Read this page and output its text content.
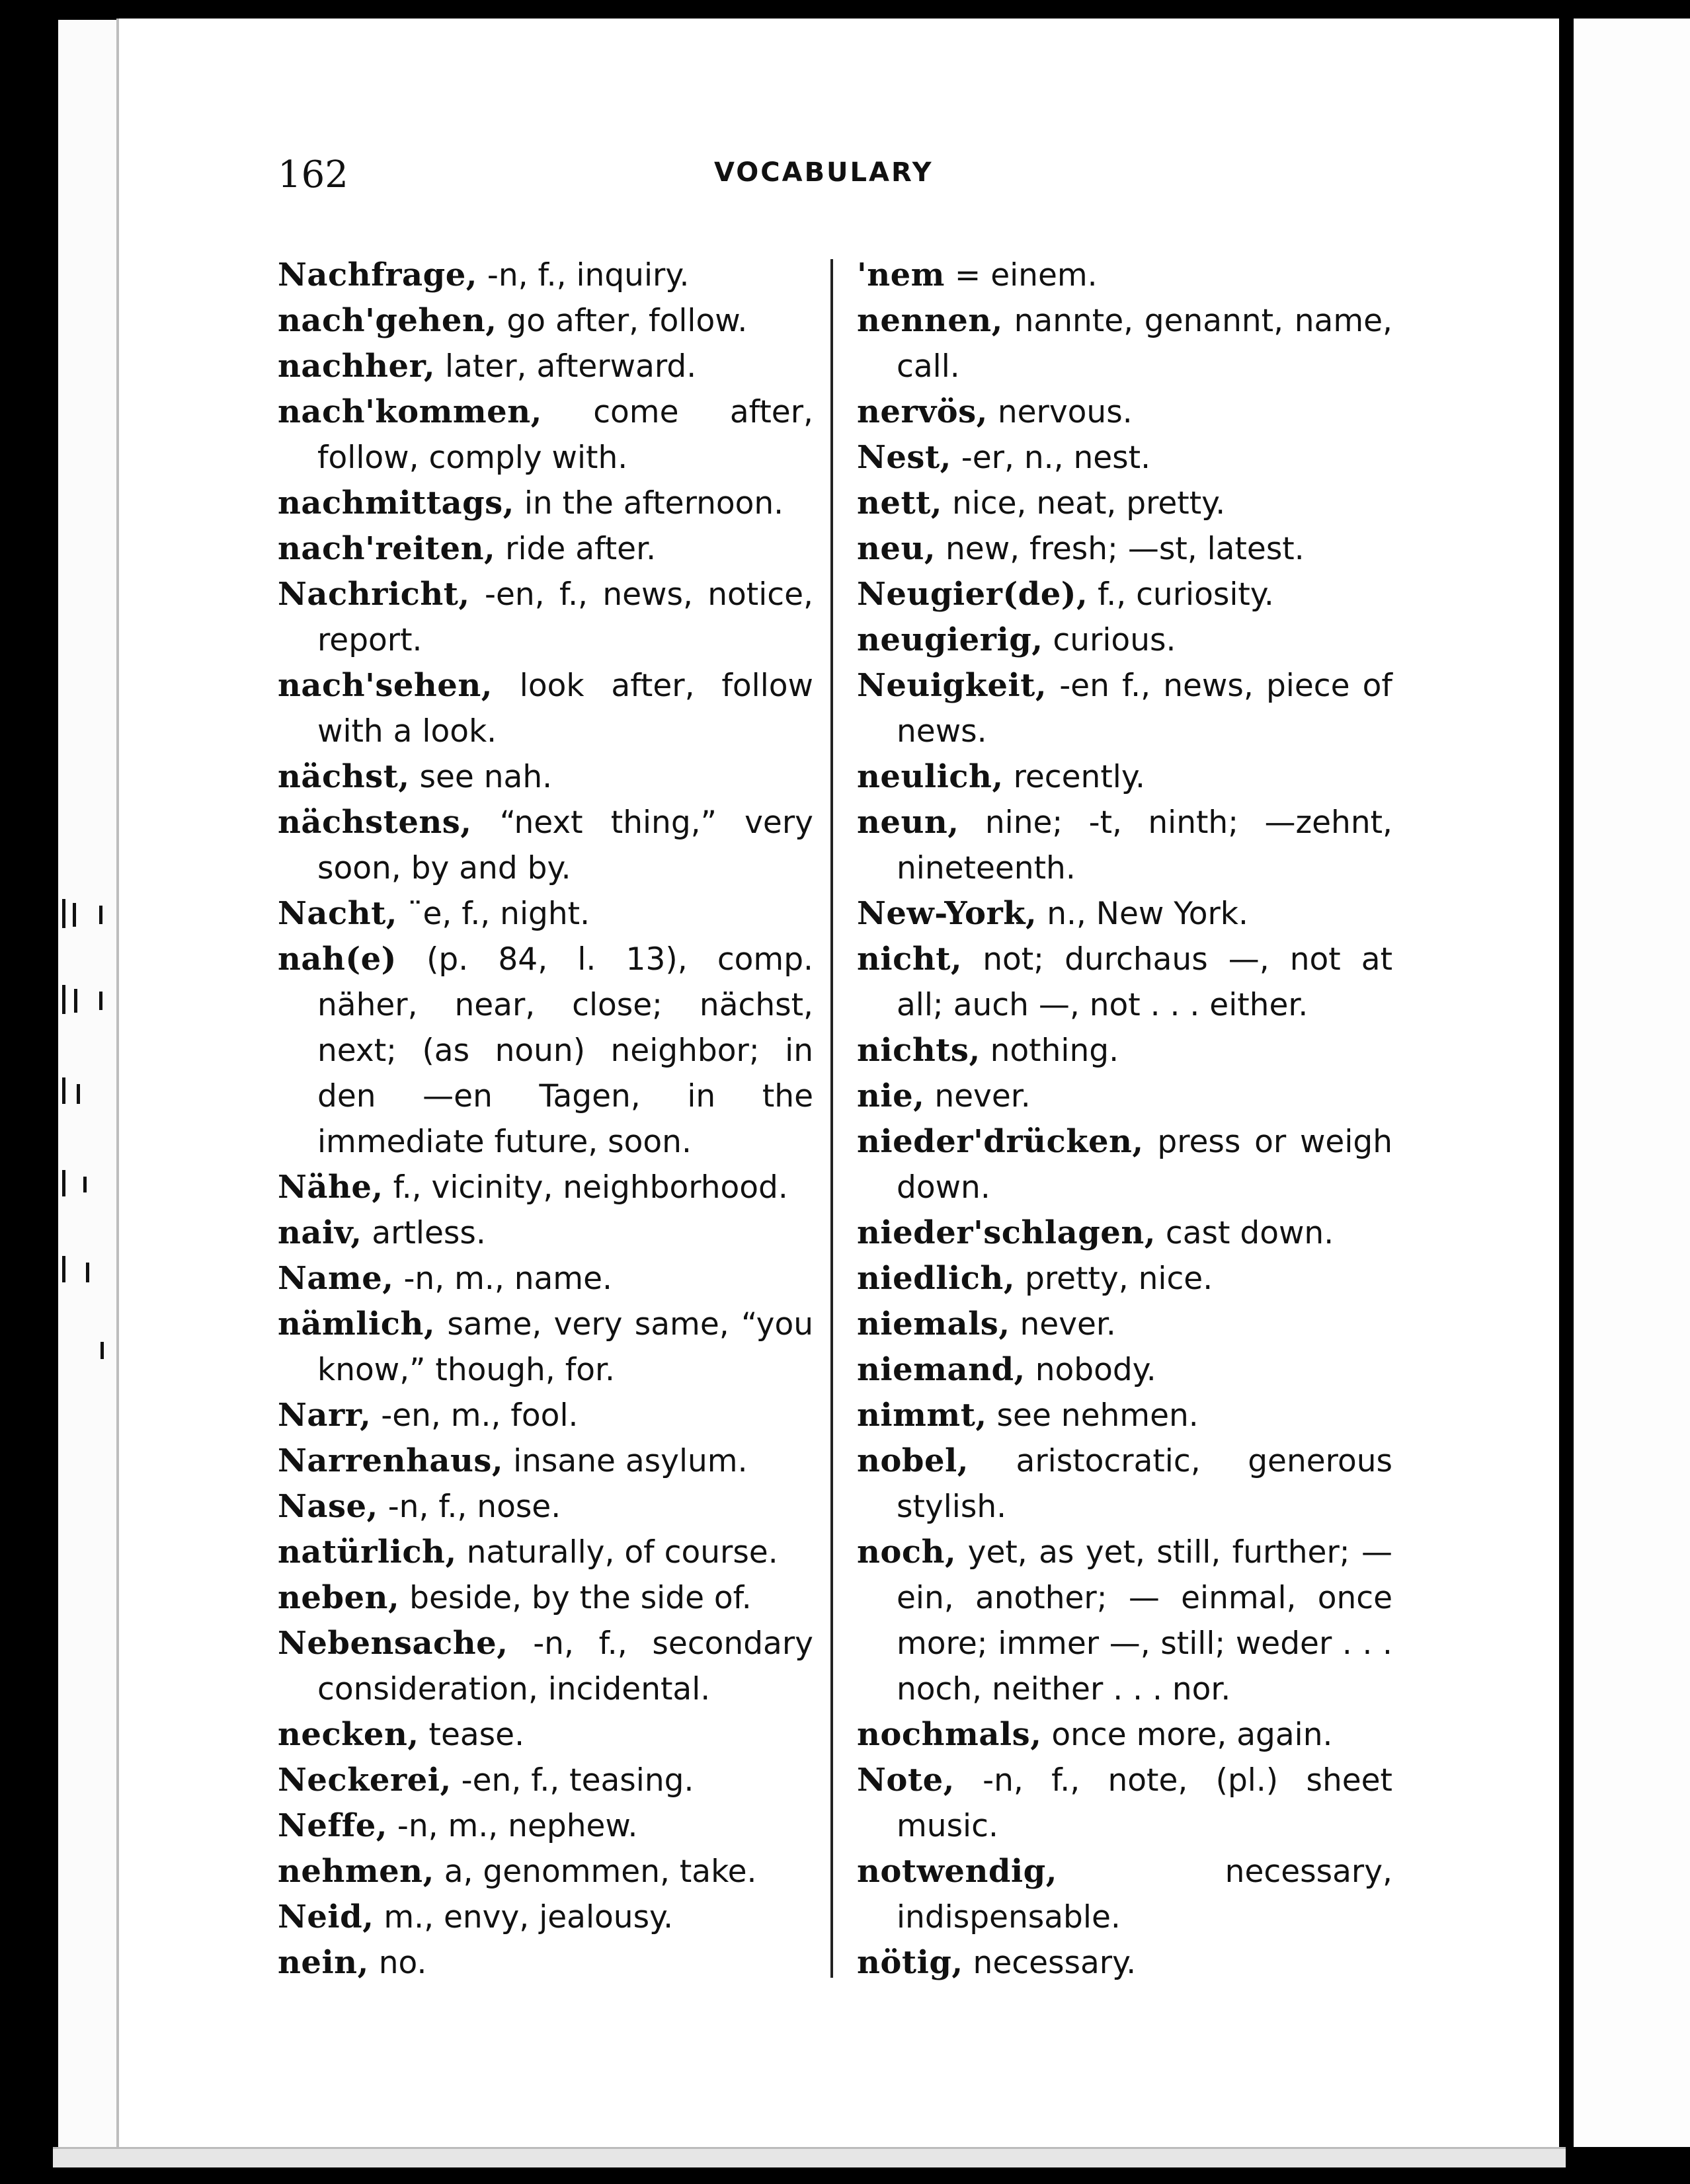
162	VOCABULARY

Nachfrage, -n, f., inquiry.

nach'gehen, go after, follow.

nachher, later, afterward.

nach'kommen, come after, follow, comply with.

nachmittags, in the afternoon.

nach'reiten, ride after.

Nachricht, -en, f., news, notice, report.

nach'sehen, look after, follow with a look.

nächst, see nah.

nächstens, “next thing,” very soon, by and by.

Nacht, ¨e, f., night.

nah(e) (p. 84, l. 13), comp. näher, near, close; nächst, next; (as noun) neighbor; in den —en Tagen, in the immediate future, soon.

Nähe, f., vicinity, neighborhood.

naiv, artless.

Name, -n, m., name.

nämlich, same, very same, “you know,” though, for.

Narr, -en, m., fool.

Narrenhaus, insane asylum.

Nase, -n, f., nose.

natürlich, naturally, of course.

neben, beside, by the side of.

Nebensache, -n, f., secondary consideration, incidental.

necken, tease.

Neckerei, -en, f., teasing.

Neffe, -n, m., nephew.

nehmen, a, genommen, take.

Neid, m., envy, jealousy.

nein, no.

'nem = einem.

nennen, nannte, genannt, name, call.

nervös, nervous.

Nest, -er, n., nest.

nett, nice, neat, pretty.

neu, new, fresh; —st, latest.

Neugier(de), f., curiosity.

neugierig, curious.

Neuigkeit, -en f., news, piece of news.

neulich, recently.

neun, nine; -t, ninth; —zehnt, nineteenth.

New-York, n., New York.

nicht, not; durchaus —, not at all; auch —, not . . . either.

nichts, nothing.

nie, never.

nieder'drücken, press or weigh down.

nieder'schlagen, cast down.

niedlich, pretty, nice.

niemals, never.

niemand, nobody.

nimmt, see nehmen.

nobel, aristocratic, generous stylish.

noch, yet, as yet, still, further; — ein, another; — einmal, once more; immer —, still; weder . . . noch, neither . . . nor.

nochmals, once more, again.

Note, -n, f., note, (pl.) sheet music.

notwendig,	necessary, indispensable.

nötig, necessary.
